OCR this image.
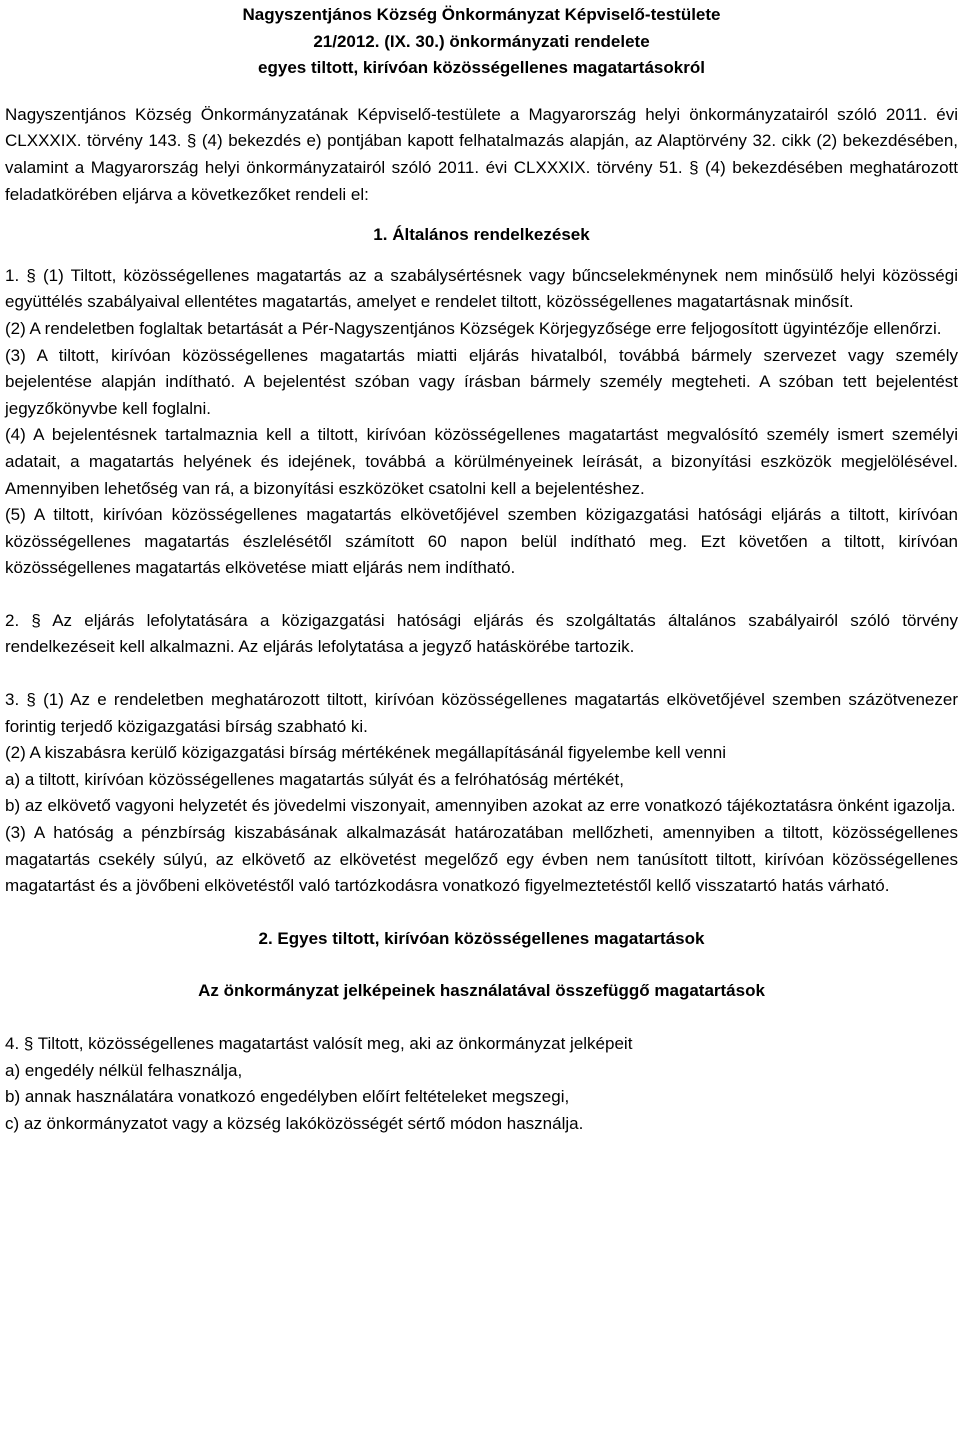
Nagyszentjános Község Önkormányzat Képviselő-testülete
21/2012. (IX. 30.) önkormányzati rendelete
egyes tiltott, kirívóan közösségellenes magatartásokról

Nagyszentjános Község Önkormányzatának Képviselő-testülete a Magyarország helyi önkormányzatairól szóló 2011. évi CLXXXIX. törvény 143. § (4) bekezdés e) pontjában kapott felhatalmazás alapján, az Alaptörvény 32. cikk (2) bekezdésében, valamint a Magyarország helyi önkormányzatairól szóló 2011. évi CLXXXIX. törvény 51. § (4) bekezdésében meghatározott feladatkörében eljárva a következőket rendeli el:

1. Általános rendelkezések

1. § (1) Tiltott, közösségellenes magatartás az a szabálysértésnek vagy bűncselekménynek nem minősülő helyi közösségi együttélés szabályaival ellentétes magatartás, amelyet e rendelet tiltott, közösségellenes magatartásnak minősít.

(2) A rendeletben foglaltak betartását a Pér-Nagyszentjános Községek Körjegyzősége erre feljogosított ügyintézője ellenőrzi.

(3) A tiltott, kirívóan közösségellenes magatartás miatti eljárás hivatalból, továbbá bármely szervezet vagy személy bejelentése alapján indítható. A bejelentést szóban vagy írásban bármely személy megteheti. A szóban tett bejelentést jegyzőkönyvbe kell foglalni.

(4) A bejelentésnek tartalmaznia kell a tiltott, kirívóan közösségellenes magatartást megvalósító személy ismert személyi adatait, a magatartás helyének és idejének, továbbá a körülményeinek leírását, a bizonyítási eszközök megjelölésével. Amennyiben lehetőség van rá, a bizonyítási eszközöket csatolni kell a bejelentéshez.

(5) A tiltott, kirívóan közösségellenes magatartás elkövetőjével szemben közigazgatási hatósági eljárás a tiltott, kirívóan közösségellenes magatartás észlelésétől számított 60 napon belül indítható meg. Ezt követően a tiltott, kirívóan közösségellenes magatartás elkövetése miatt eljárás nem indítható.

2. § Az eljárás lefolytatására a közigazgatási hatósági eljárás és szolgáltatás általános szabályairól szóló törvény rendelkezéseit kell alkalmazni. Az eljárás lefolytatása a jegyző hatáskörébe tartozik.

3. § (1) Az e rendeletben meghatározott tiltott, kirívóan közösségellenes magatartás elkövetőjével szemben százötvenezer forintig terjedő közigazgatási bírság szabható ki.

(2) A kiszabásra kerülő közigazgatási bírság mértékének megállapításánál figyelembe kell venni

a) a tiltott, kirívóan közösségellenes magatartás súlyát és a felróhatóság mértékét,

b) az elkövető vagyoni helyzetét és jövedelmi viszonyait, amennyiben azokat az erre vonatkozó tájékoztatásra önként igazolja.

(3) A hatóság a pénzbírság kiszabásának alkalmazását határozatában mellőzheti, amennyiben a tiltott, közösségellenes magatartás csekély súlyú, az elkövető az elkövetést megelőző egy évben nem tanúsított tiltott, kirívóan közösségellenes magatartást és a jövőbeni elkövetéstől való tartózkodásra vonatkozó figyelmeztetéstől kellő visszatartó hatás várható.

2. Egyes tiltott, kirívóan közösségellenes magatartások
Az önkormányzat jelképeinek használatával összefüggő magatartások

4. § Tiltott, közösségellenes magatartást valósít meg, aki az önkormányzat jelképeit

a) engedély nélkül felhasználja,

b) annak használatára vonatkozó engedélyben előírt feltételeket megszegi,

c) az önkormányzatot vagy a község lakóközösségét sértő módon használja.
